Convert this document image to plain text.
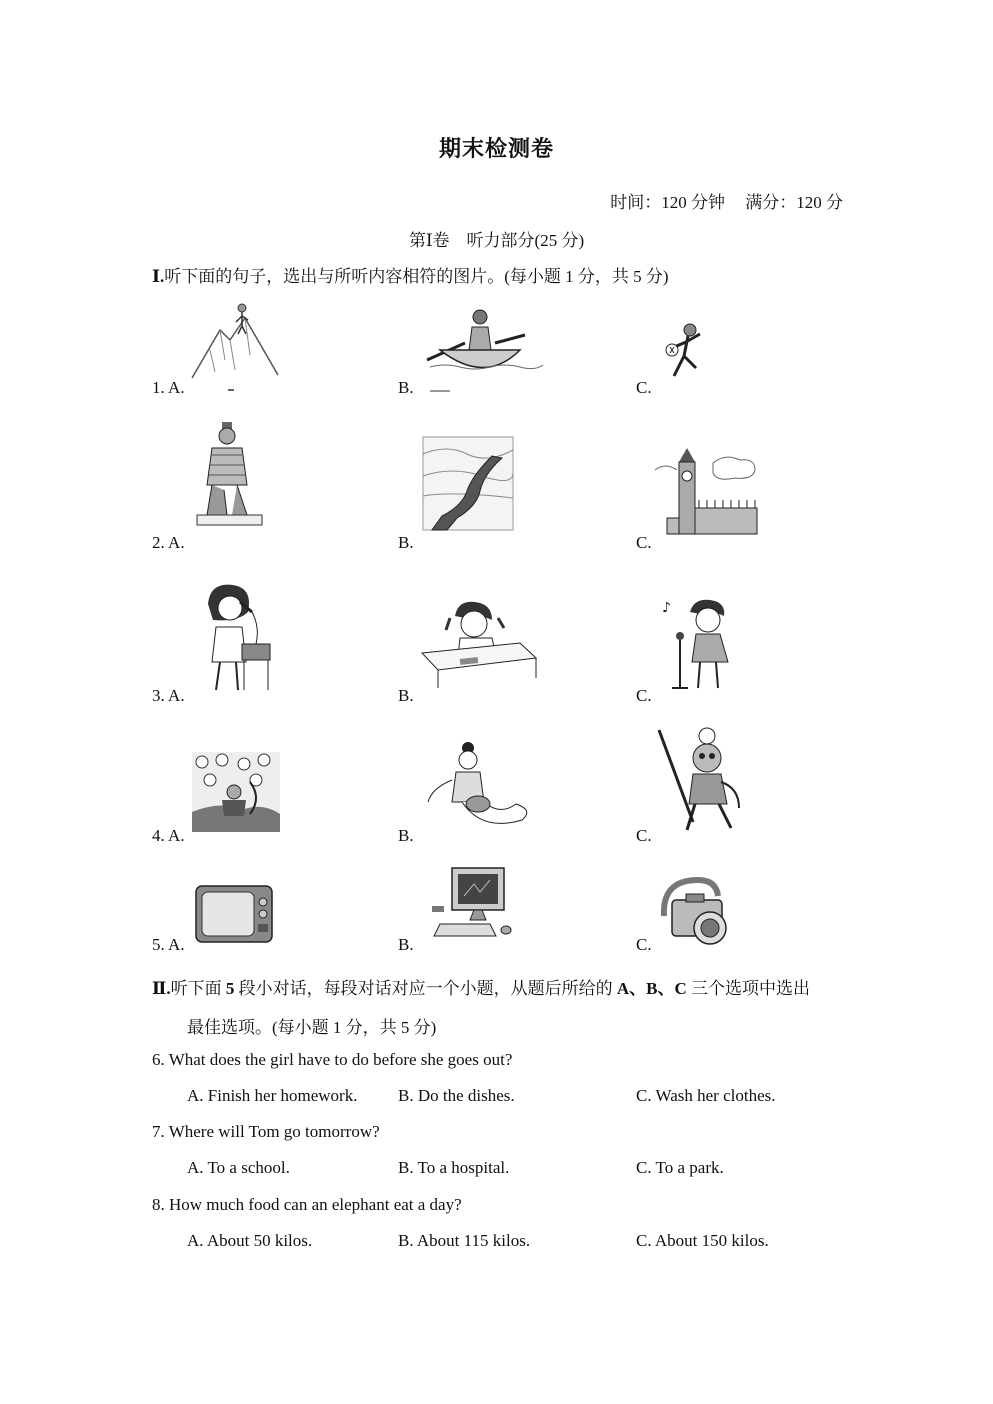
期末检测卷
时间：120 分钟 满分：120 分
第Ⅰ卷　听力部分(25 分)
Ⅰ.听下面的句子，选出与所听内容相符的图片。(每小题 1 分，共 5 分)
1. A.	B.	C.
2. A.	B.	C.
3. A.	B.	C.
♪
4. A.	B.	C.
5. A.	B.	C.
Ⅱ.听下面 5 段小对话，每段对话对应一个小题，从题后所给的 A、B、C 三个选项中选出
最佳选项。(每小题 1 分，共 5 分)
6. What does the girl have to do before she goes out?
A. Finish her homework. B. Do the dishes.	C. Wash her clothes.
7. Where will Tom go tomorrow?
A. To a school.	B. To a hospital.	C. To a park.
8. How much food can an elephant eat a day?
A. About 50 kilos.	B. About 115 kilos.	C. About 150 kilos.
